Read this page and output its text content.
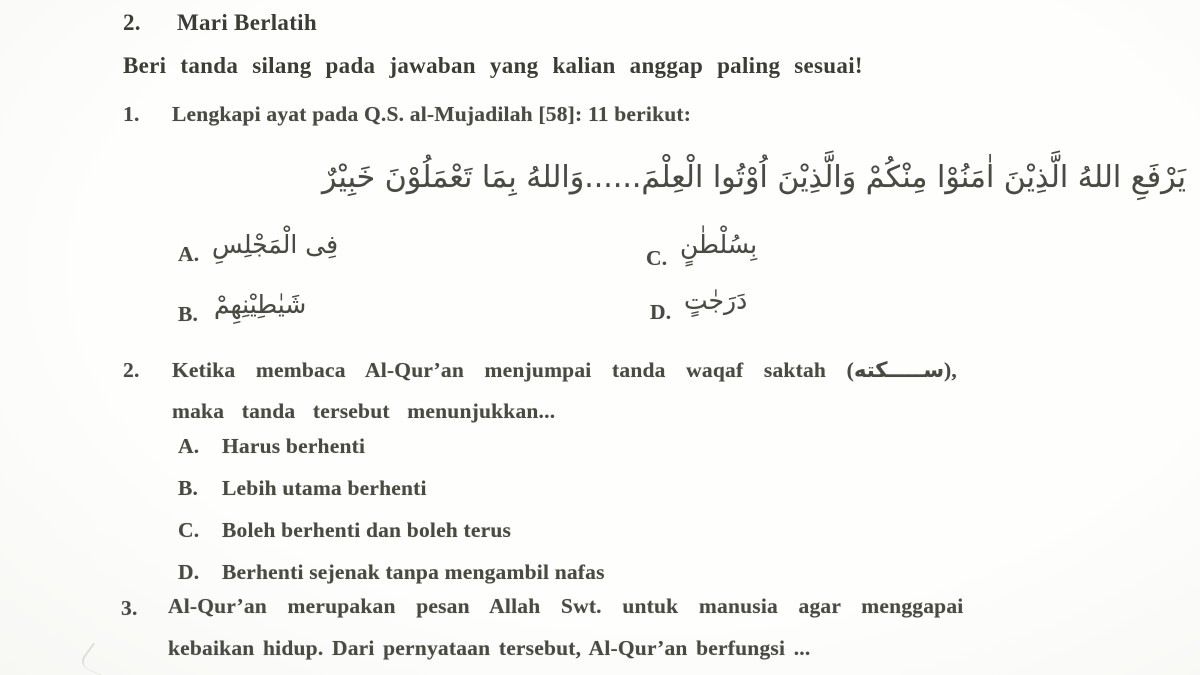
2. Mari Berlatih
Beri tanda silang pada jawaban yang kalian anggap paling sesuai!
1. Lengkapi ayat pada Q.S. al-Mujadilah [58]: 11 berikut:
يَرْفَعِ اللهُ الَّذِيْنَ اٰمَنُوْا مِنْكُمْ وَالَّذِيْنَ اُوْتُوا الْعِلْمَ......وَاللهُ بِمَا تَعْمَلُوْنَ خَبِيْرٌ
A. فِى الْمَجْلِسِ	C. بِسُلْطٰنٍ
B. شَيٰطِيْنِهِمْ	D. دَرَجٰتٍ
2. Ketika membaca Al-Qur’an menjumpai tanda waqaf saktah (ســـــكته),
maka tanda tersebut menunjukkan...
A. Harus berhenti
B. Lebih utama berhenti
C. Boleh berhenti dan boleh terus
D. Berhenti sejenak tanpa mengambil nafas
3. Al-Qur’an merupakan pesan Allah Swt. untuk manusia agar menggapai
kebaikan hidup. Dari pernyataan tersebut, Al-Qur’an berfungsi ...
